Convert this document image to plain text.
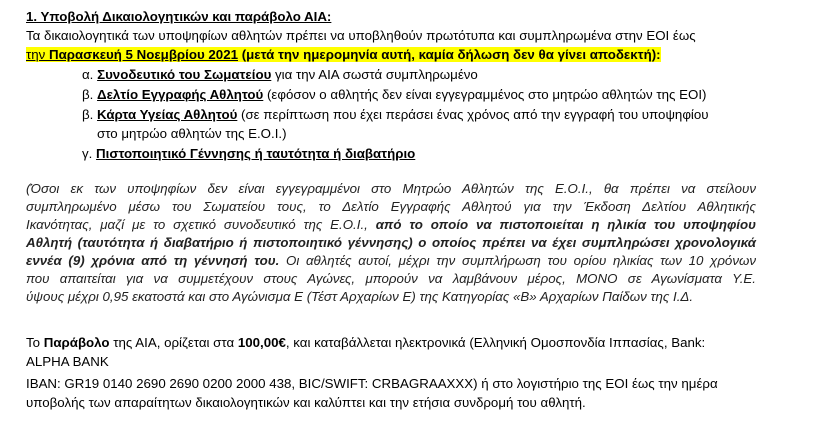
1. Υποβολή Δικαιολογητικών και παράβολο ΑΙΑ:
Τα δικαιολογητικά των υποψηφίων αθλητών πρέπει να υποβληθούν πρωτότυπα και συμπληρωμένα στην ΕΟΙ έως
την Παρασκευή 5 Νοεμβρίου 2021 (μετά την ημερομηνία αυτή, καμία δήλωση δεν θα γίνει αποδεκτή):
α. Συνοδευτικό του Σωματείου για την ΑΙΑ σωστά συμπληρωμένο
β. Δελτίο Εγγραφής Αθλητού (εφόσον ο αθλητής δεν είναι εγγεγραμμένος στο μητρώο αθλητών της ΕΟΙ)
β. Κάρτα Υγείας Αθλητού (σε περίπτωση που έχει περάσει ένας χρόνος από την εγγραφή του υποψηφίου
στο μητρώο αθλητών της Ε.Ο.Ι.)
γ. Πιστοποιητικό Γέννησης ή ταυτότητα ή διαβατήριο
(Όσοι εκ των υποψηφίων δεν είναι εγγεγραμμένοι στο Μητρώο Αθλητών της Ε.Ο.Ι., θα πρέπει να στείλουν
συμπληρωμένο μέσω του Σωματείου τους, το Δελτίο Εγγραφής Αθλητού για την Έκδοση Δελτίου Αθλητικής
Ικανότητας, μαζί με το σχετικό συνοδευτικό της Ε.Ο.Ι., από το οποίο να πιστοποιείται η ηλικία του υποψηφίου
Αθλητή (ταυτότητα ή διαβατήριο ή πιστοποιητικό γέννησης) ο οποίος πρέπει να έχει συμπληρώσει χρονολογικά
εννέα (9) χρόνια από τη γέννησή του. Οι αθλητές αυτοί, μέχρι την συμπλήρωση του ορίου ηλικίας των 10 χρόνων
που απαιτείται για να συμμετέχουν στους Αγώνες, μπορούν να λαμβάνουν μέρος, ΜΟΝΟ σε Αγωνίσματα Υ.Ε.
ύψους μέχρι 0,95 εκατοστά και στο Αγώνισμα Ε (Τέστ Αρχαρίων Ε) της Κατηγορίας «Β» Αρχαρίων Παίδων της Ι.Δ.
Το Παράβολο της ΑΙΑ, ορίζεται στα 100,00€, και καταβάλλεται ηλεκτρονικά (Ελληνική Ομοσπονδία Ιππασίας, Bank:
ALPHA BANK
IBAN: GR19 0140 2690 2690 0200 2000 438, BIC/SWIFT: CRBAGRAAXXX) ή στο λογιστήριο της ΕΟΙ έως την ημέρα
υποβολής των απαραίτητων δικαιολογητικών και καλύπτει και την ετήσια συνδρομή του αθλητή.
